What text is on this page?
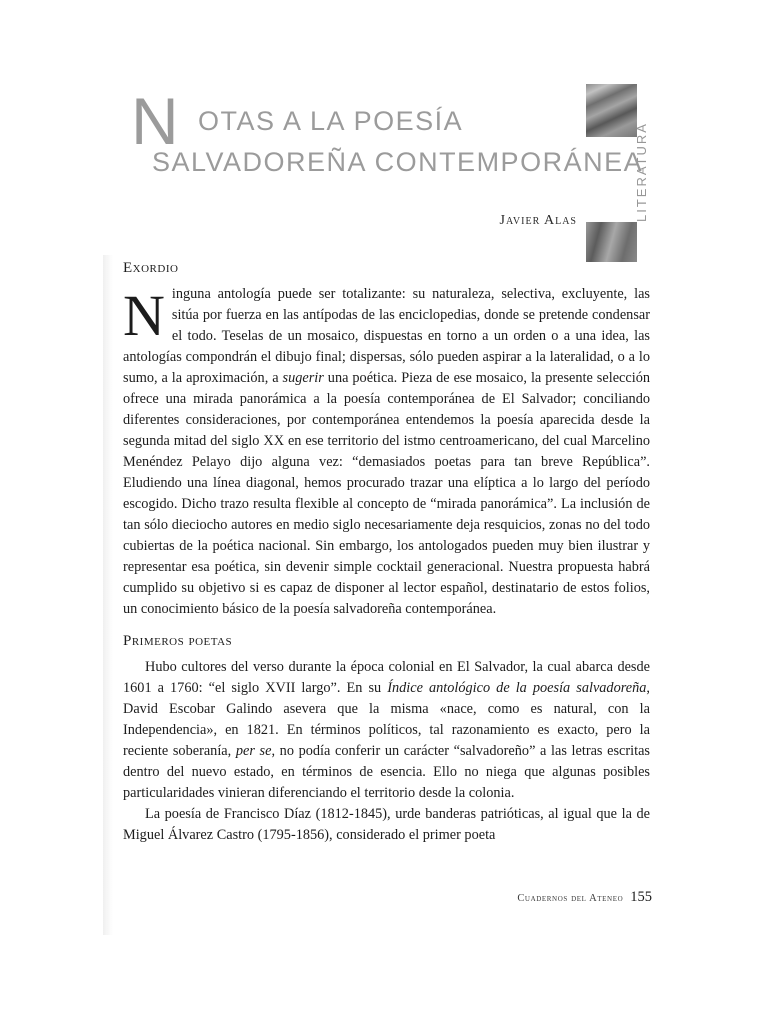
N OTAS A LA POESÍA
SALVADOREÑA CONTEMPORÁNEA
Javier Alas	LITERATURA
Exordio

Ninguna antología puede ser totalizante: su naturaleza, selectiva, excluyente, las sitúa por fuerza en las antípodas de las enciclopedias, donde se pretende condensar el todo. Teselas de un mosaico, dispuestas en torno a un orden o a una idea, las antologías compondrán el dibujo final; dispersas, sólo pueden aspirar a la lateralidad, o a lo sumo, a la aproximación, a sugerir una poética. Pieza de ese mosaico, la presente selección ofrece una mirada panorámica a la poesía contemporánea de El Salvador; conciliando diferentes consideraciones, por contemporánea entendemos la poesía aparecida desde la segunda mitad del siglo XX en ese territorio del istmo centroamericano, del cual Marcelino Menéndez Pelayo dijo alguna vez: “demasiados poetas para tan breve República”. Eludiendo una línea diagonal, hemos procurado trazar una elíptica a lo largo del período escogido. Dicho trazo resulta flexible al concepto de “mirada panorámica”. La inclusión de tan sólo dieciocho autores en medio siglo necesariamente deja resquicios, zonas no del todo cubiertas de la poética nacional. Sin embargo, los antologados pueden muy bien ilustrar y representar esa poética, sin devenir simple cocktail generacional. Nuestra propuesta habrá cumplido su objetivo si es capaz de disponer al lector español, destinatario de estos folios, un conocimiento básico de la poesía salvadoreña contemporánea.

Primeros poetas

Hubo cultores del verso durante la época colonial en El Salvador, la cual abarca desde 1601 a 1760: “el siglo XVII largo”. En su Índice antológico de la poesía salvadoreña, David Escobar Galindo asevera que la misma «nace, como es natural, con la Independencia», en 1821. En términos políticos, tal razonamiento es exacto, pero la reciente soberanía, per se, no podía conferir un carácter “salvadoreño” a las letras escritas dentro del nuevo estado, en términos de esencia. Ello no niega que algunas posibles particularidades vinieran diferenciando el territorio desde la colonia.

La poesía de Francisco Díaz (1812-1845), urde banderas patrióticas, al igual que la de Miguel Álvarez Castro (1795-1856), considerado el primer poeta

Cuadernos del Ateneo 155
